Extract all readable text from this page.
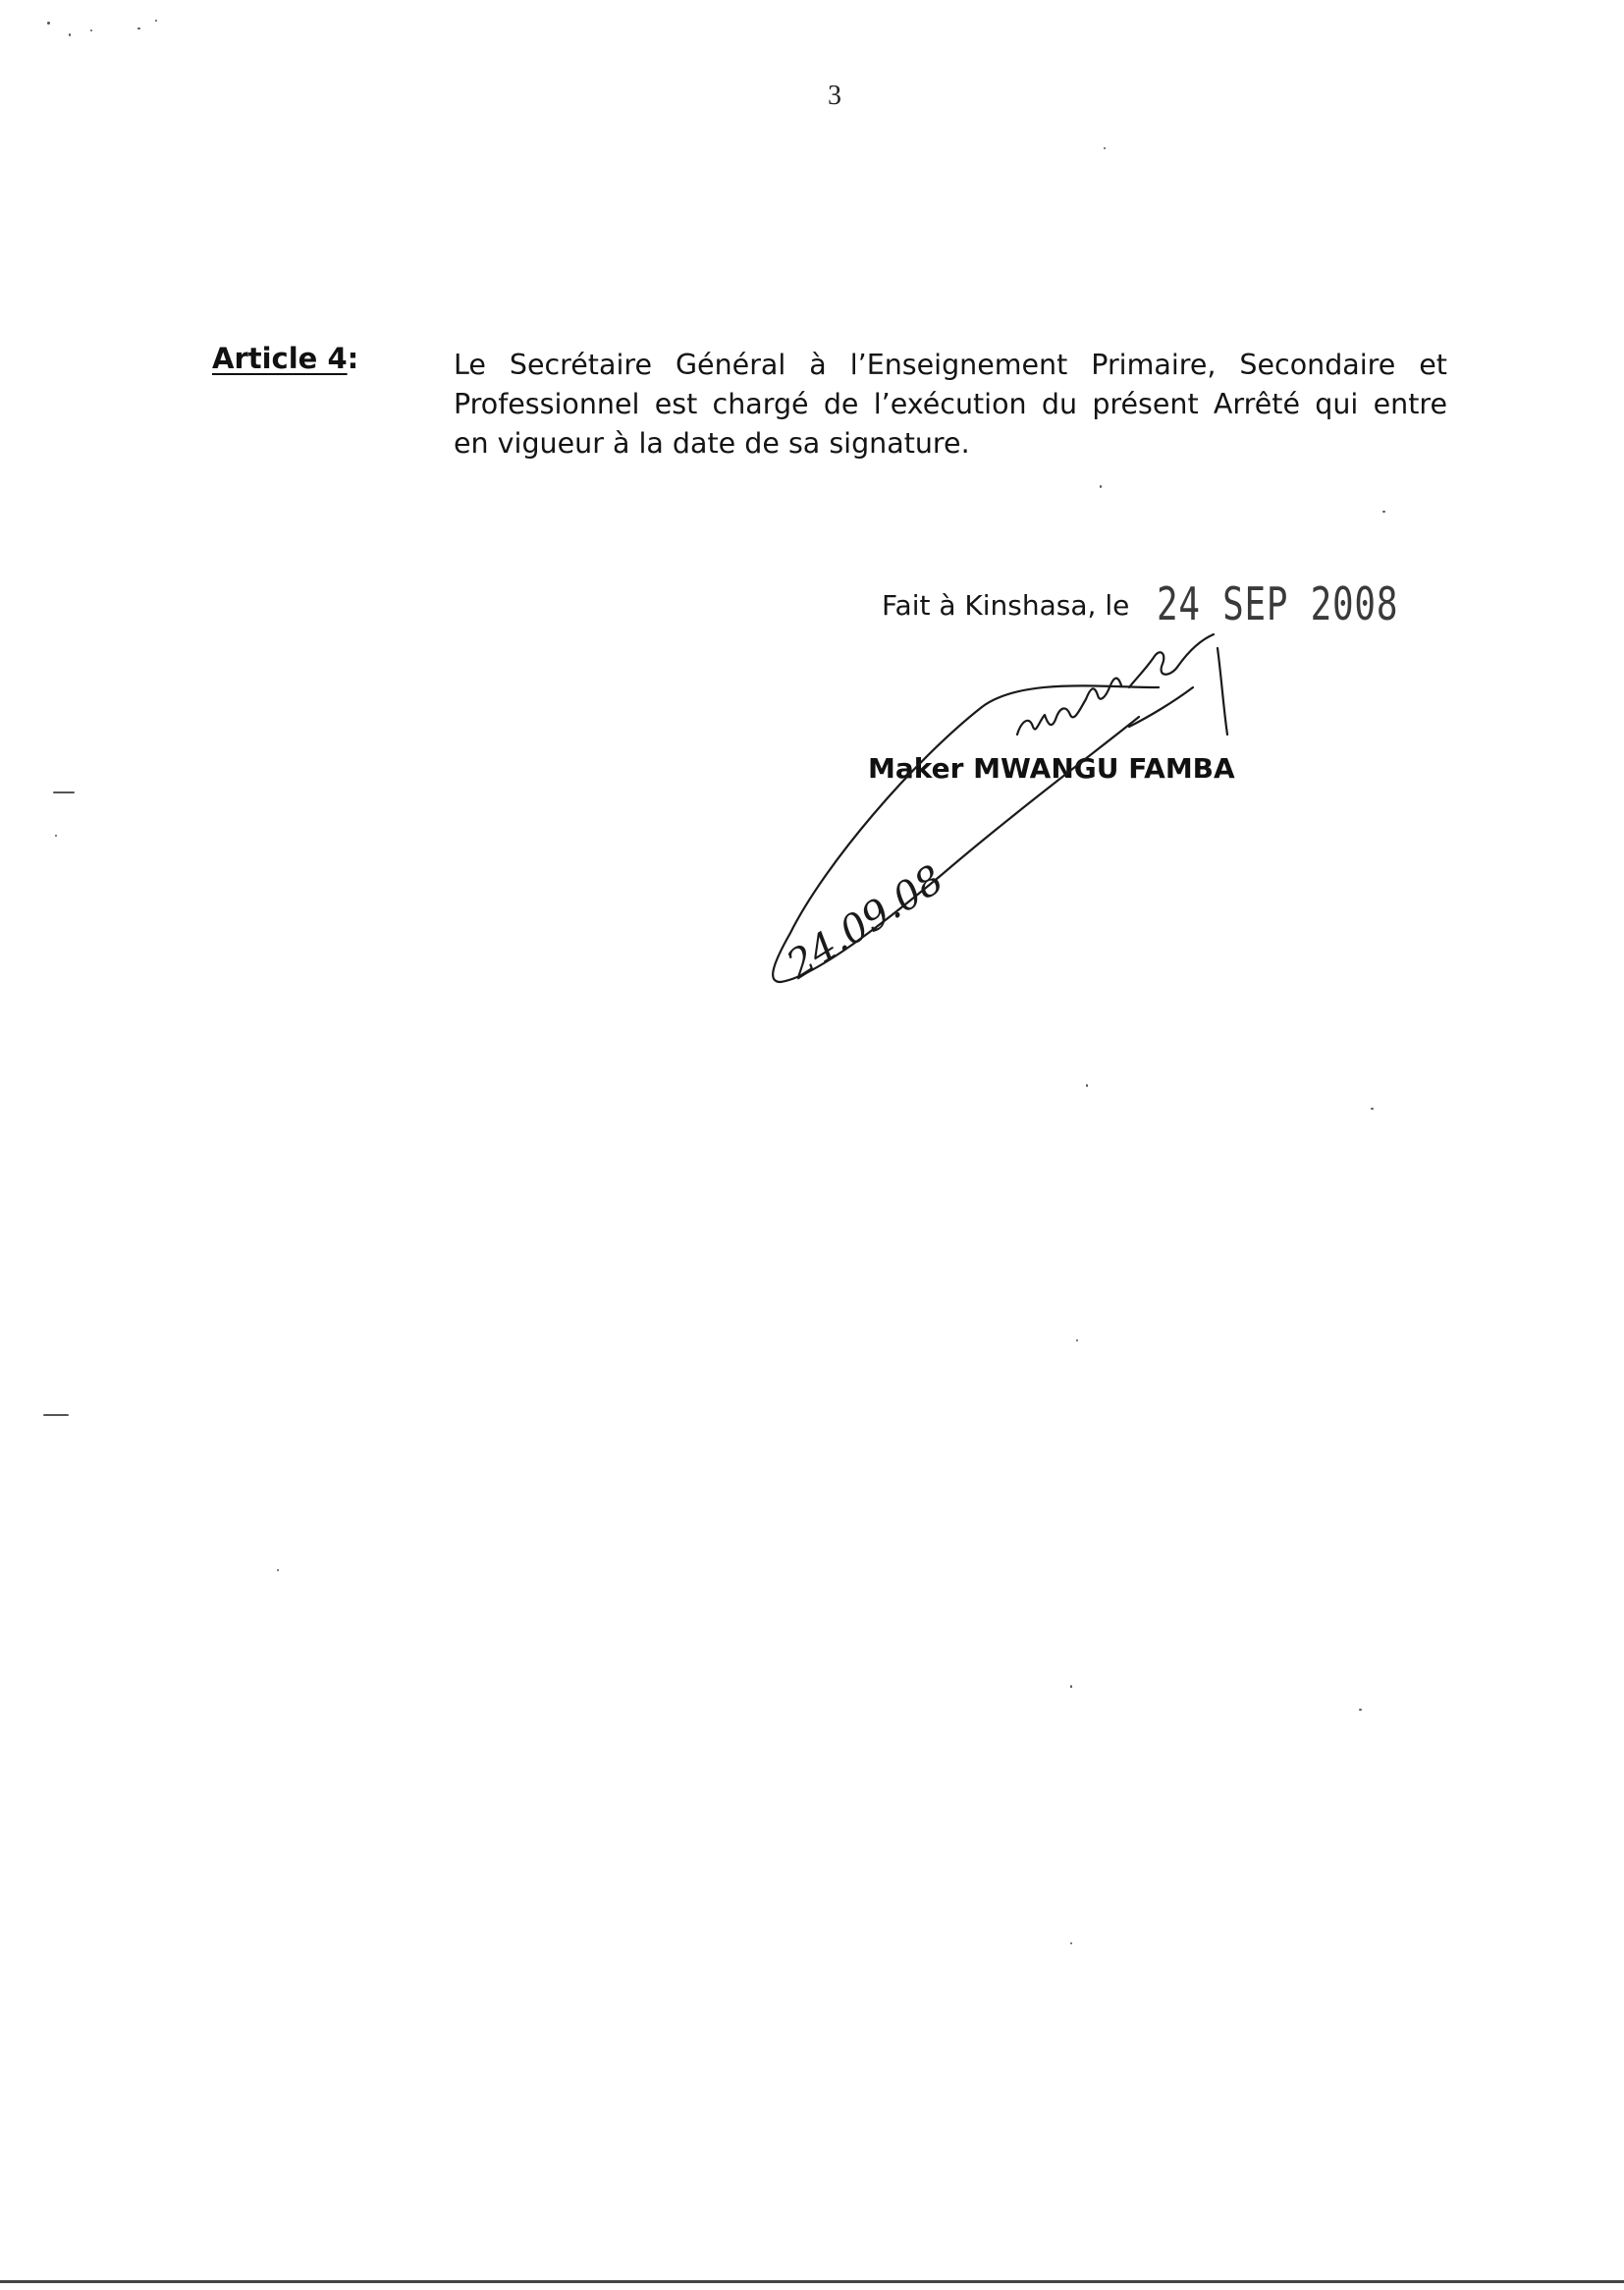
3
Article 4:	Le Secrétaire Général à l’Enseignement Primaire, Secondaire et
Professionnel est chargé de l’exécution du présent Arrêté qui entre
en vigueur à la date de sa signature.
Fait à Kinshasa, le 24 SEP 2008
Maker MWANGU FAMBA
24.09.08
